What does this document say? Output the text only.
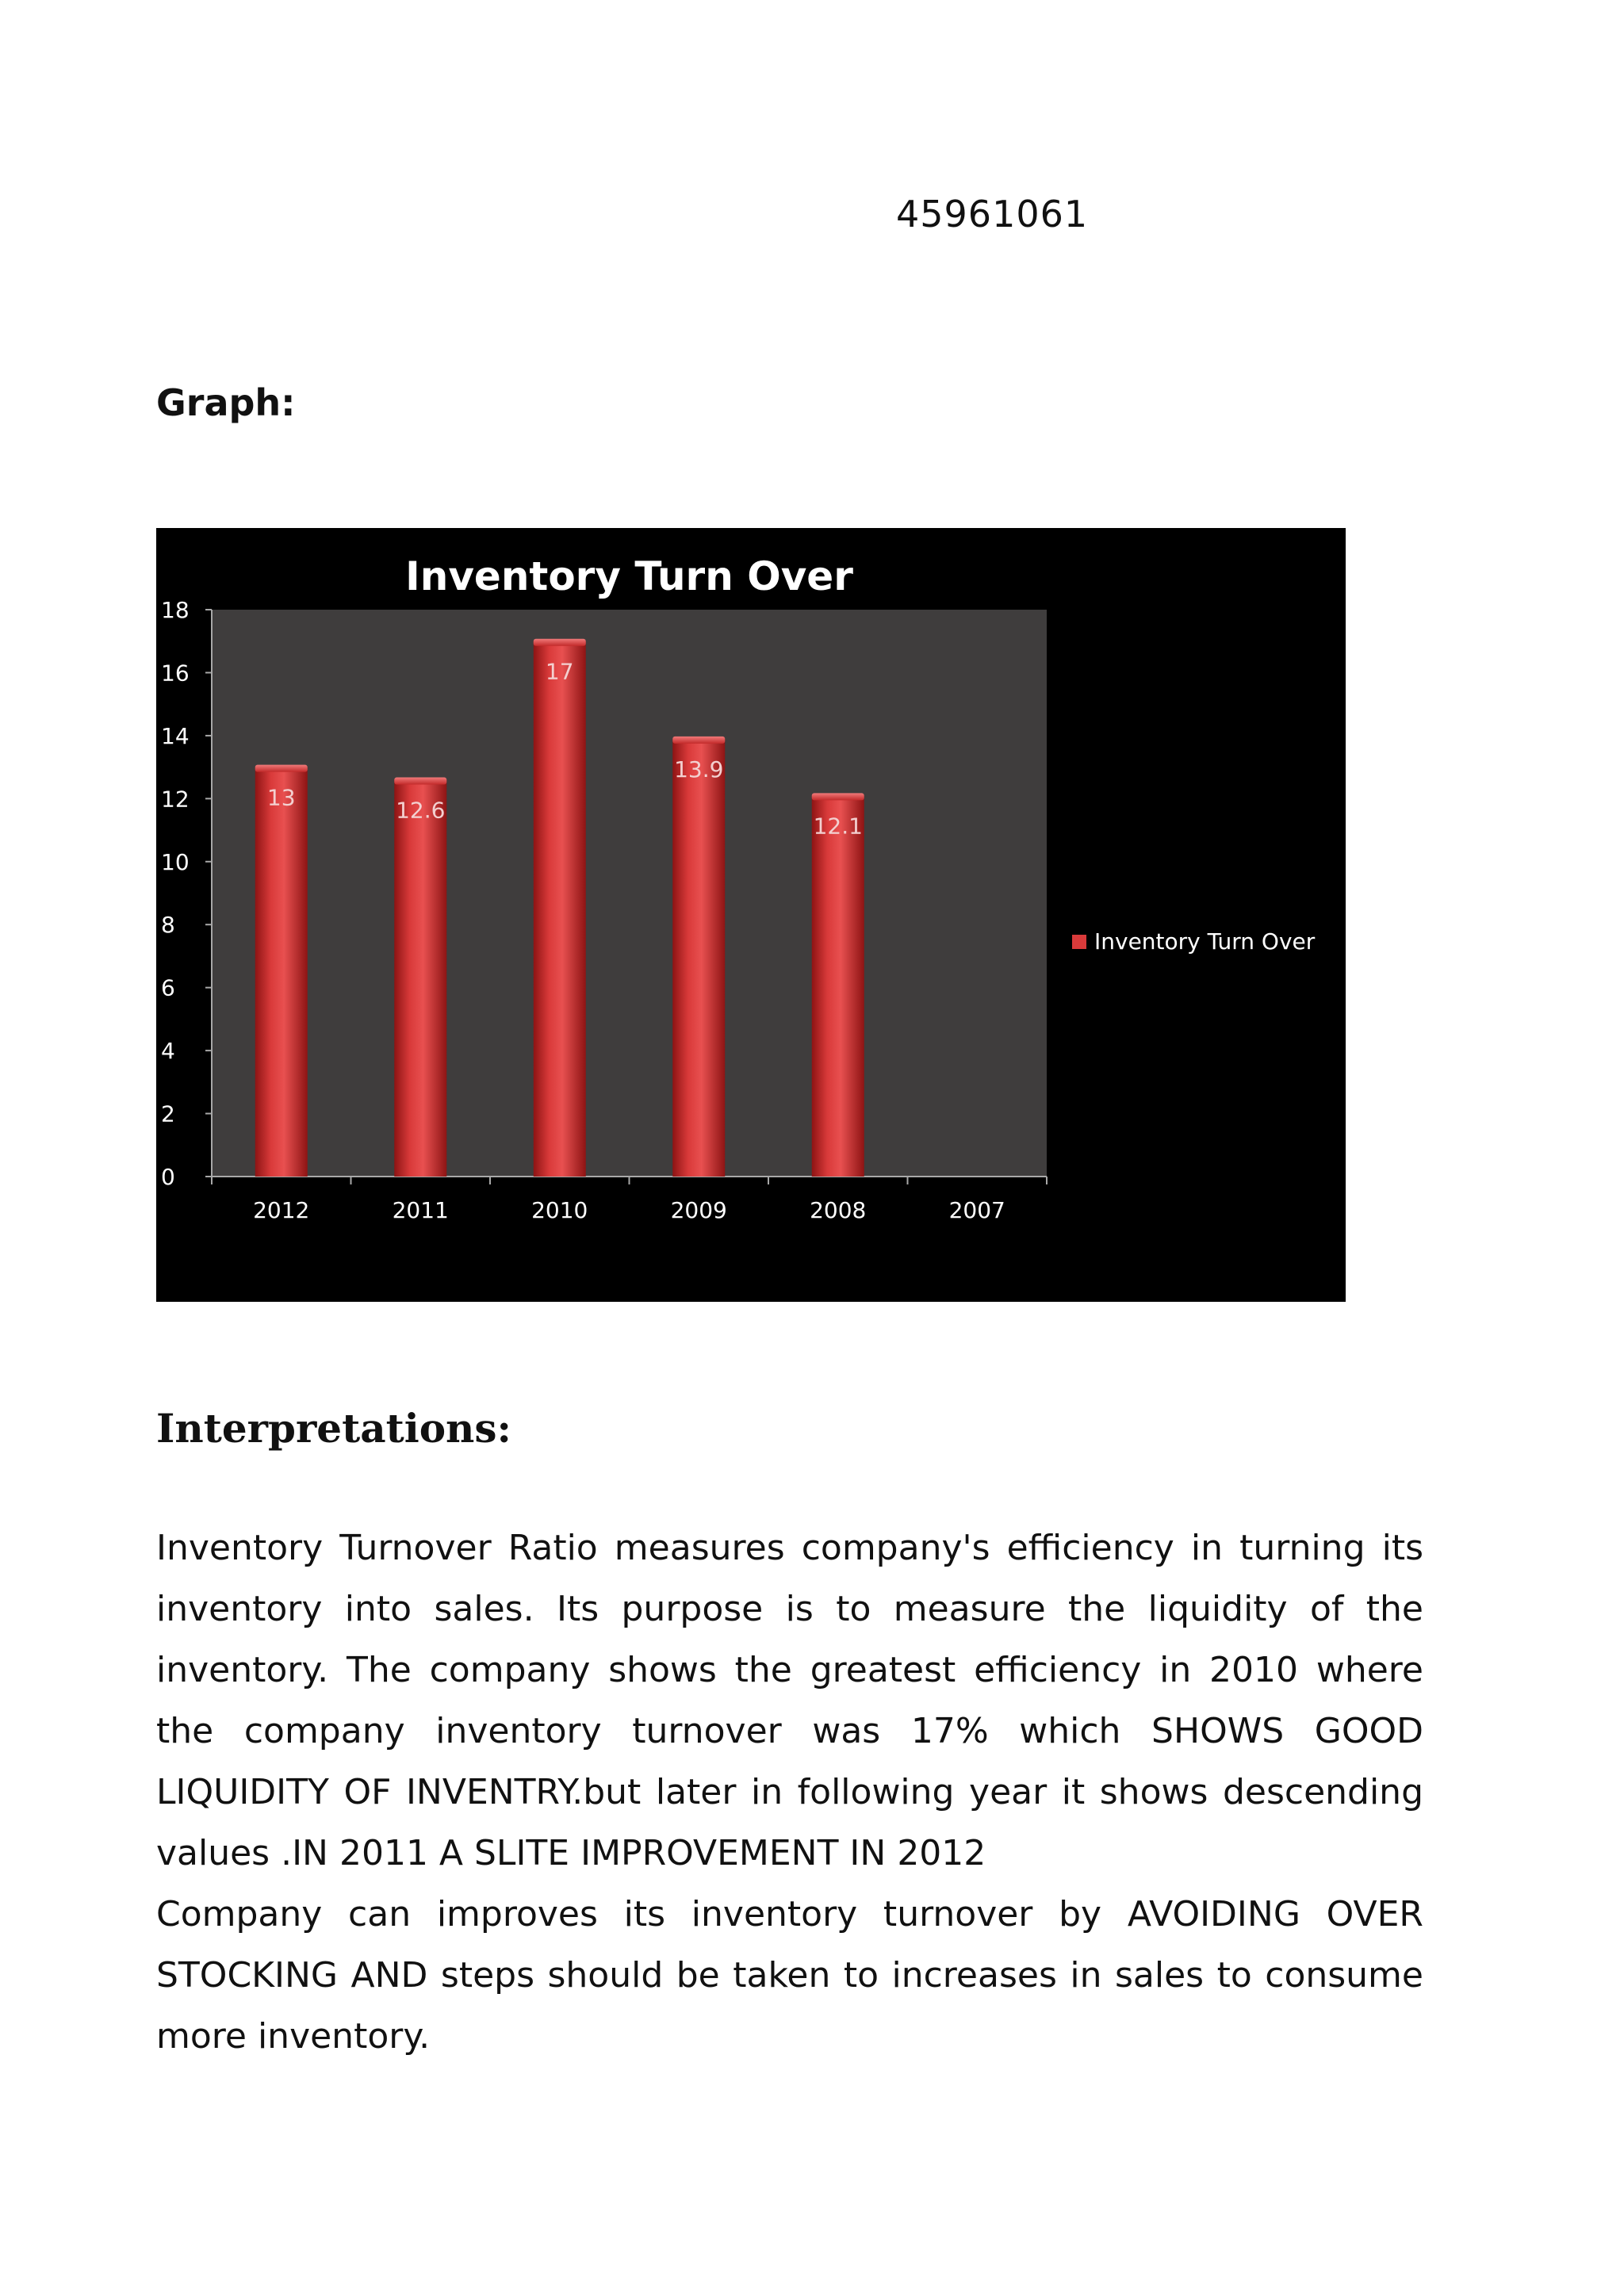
45961061
Graph:
Inventory Turn Over
0
2
4
6
8
10
12
14
16
18
13
2012
12.6
2011
17
2010
13.9
2009
12.1
2008	2007
Inventory Turn Over
Interpretations:

Inventory Turnover Ratio measures company's efficiency in turning its inventory into sales. Its purpose is to measure the liquidity of the inventory. The company shows the greatest efficiency in 2010 where the company inventory turnover was 17% which SHOWS GOOD LIQUIDITY OF INVENTRY.but later in following year it shows descending values .IN 2011 A SLITE IMPROVEMENT IN 2012

Company can improves its inventory turnover by AVOIDING OVER STOCKING AND steps should be taken to increases in sales to consume more inventory.
